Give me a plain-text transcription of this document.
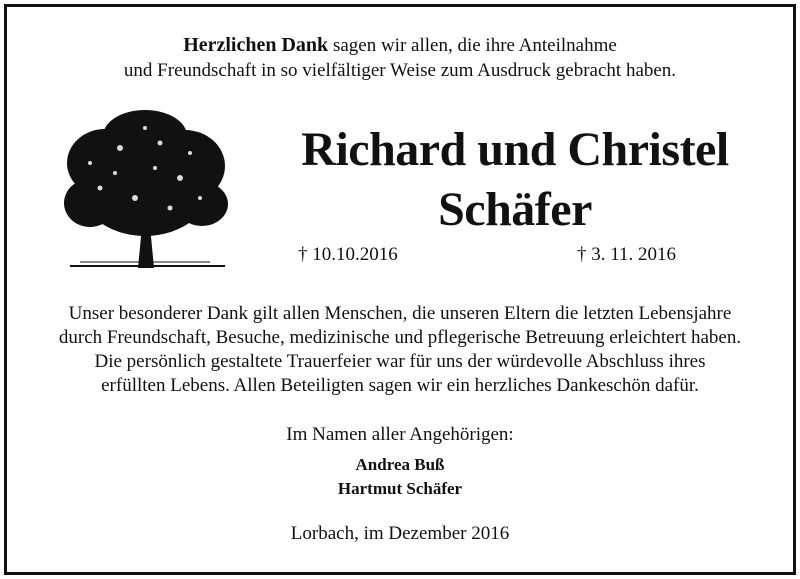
Herzlichen Dank sagen wir allen, die ihre Anteilnahme
und Freundschaft in so vielfältiger Weise zum Ausdruck gebracht haben.
Richard und Christel
Schäfer
† 10.10.2016	† 3. 11. 2016
Unser besonderer Dank gilt allen Menschen, die unseren Eltern die letzten Lebensjahre
durch Freundschaft, Besuche, medizinische und pflegerische Betreuung erleichtert haben.
Die persönlich gestaltete Trauerfeier war für uns der würdevolle Abschluss ihres
erfüllten Lebens. Allen Beteiligten sagen wir ein herzliches Dankeschön dafür.
Im Namen aller Angehörigen:
Andrea Buß
Hartmut Schäfer
Lorbach, im Dezember 2016
